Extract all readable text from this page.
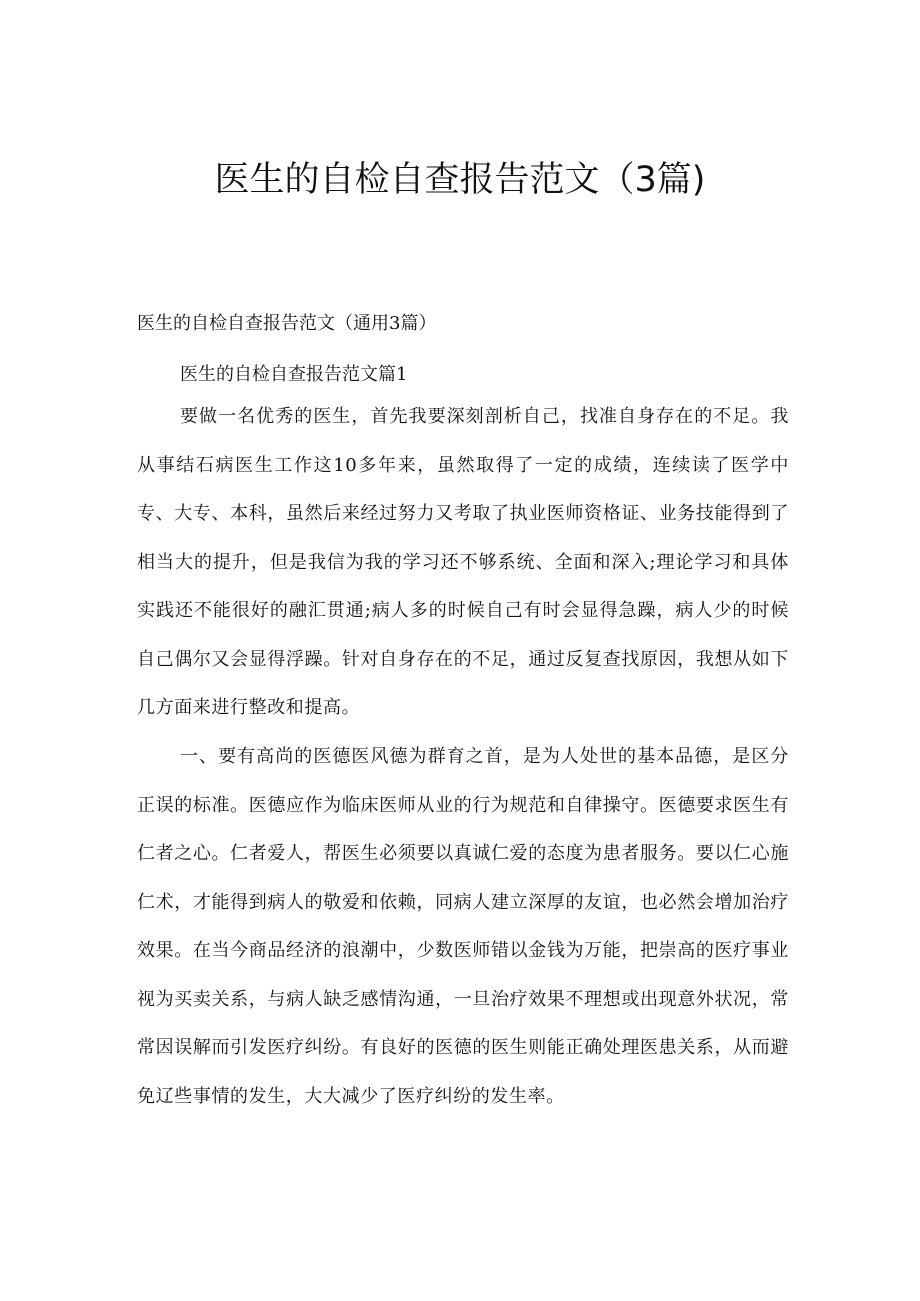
医生的自检自查报告范文（3篇)

医生的自检自查报告范文（通用3篇）

医生的自检自查报告范文篇1

要做一名优秀的医生，首先我要深刻剖析自己，找准自身存在的不足。我从事结石病医生工作这10多年来，虽然取得了一定的成绩，连续读了医学中专、大专、本科，虽然后来经过努力又考取了执业医师资格证、业务技能得到了相当大的提升，但是我信为我的学习还不够系统、全面和深入;理论学习和具体实践还不能很好的融汇贯通;病人多的时候自己有时会显得急躁，病人少的时候自己偶尔又会显得浮躁。针对自身存在的不足，通过反复查找原因，我想从如下几方面来进行整改和提高。

一、要有高尚的医德医风德为群育之首，是为人处世的基本品德，是区分正误的标准。医德应作为临床医师从业的行为规范和自律操守。医德要求医生有仁者之心。仁者爱人，帮医生必须要以真诚仁爱的态度为患者服务。要以仁心施仁术，才能得到病人的敬爱和依赖，同病人建立深厚的友谊，也必然会增加治疗效果。在当今商品经济的浪潮中，少数医师错以金钱为万能，把崇高的医疗事业视为买卖关系，与病人缺乏感情沟通，一旦治疗效果不理想或出现意外状况，常常因误解而引发医疗纠纷。有良好的医德的医生则能正确处理医患关系，从而避免辽些事情的发生，大大减少了医疗纠纷的发生率。
